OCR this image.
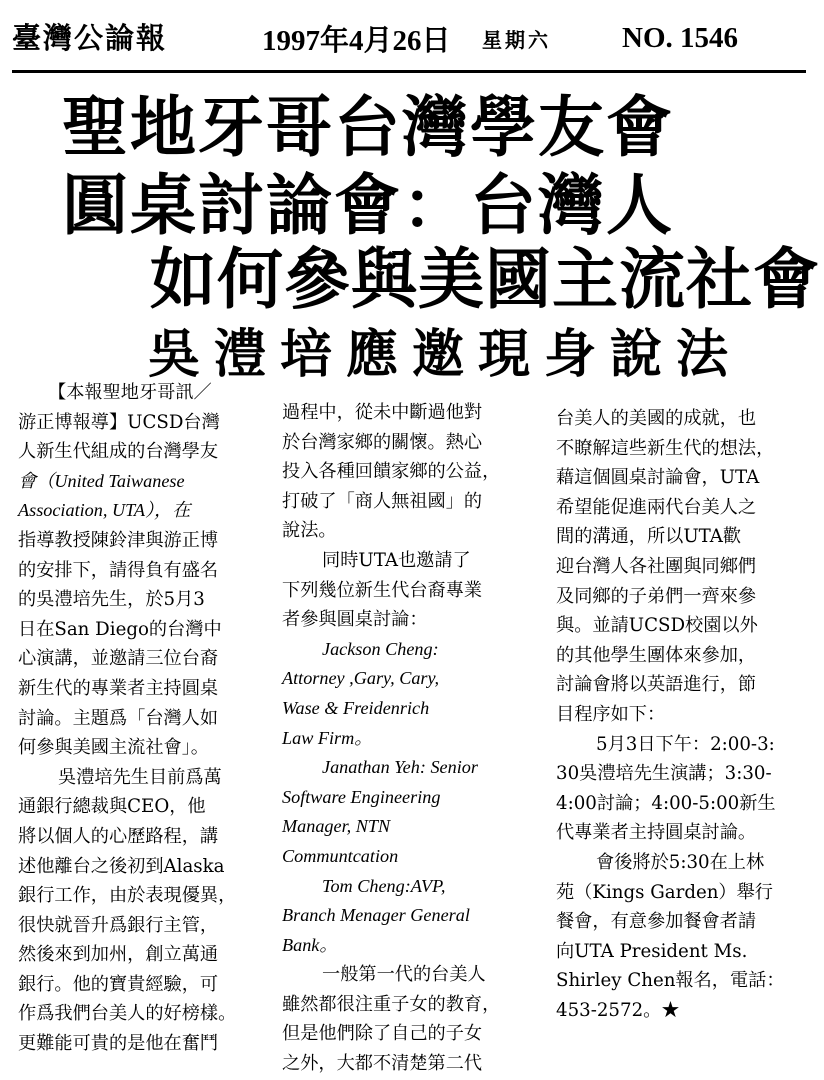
臺灣公論報	1997年4月26日 星期六 NO. 1546
聖地牙哥台灣學友會
圓桌討論會：台灣人
如何參與美國主流社會
吳澧培應邀現身說法

【本報聖地牙哥訊／

游正博報導】UCSD台灣

人新生代組成的台灣學友

會（United Taiwanese

Association, UTA），在

指導教授陳鈴津與游正博

的安排下，請得負有盛名

的吳澧培先生，於5月3

日在San Diego的台灣中

心演講，並邀請三位台裔

新生代的專業者主持圓桌

討論。主題爲「台灣人如

何參與美國主流社會」。

吳澧培先生目前爲萬

通銀行總裁與CEO，他

將以個人的心歷路程，講

述他離台之後初到Alaska

銀行工作，由於表現優異，

很快就晉升爲銀行主管，

然後來到加州，創立萬通

銀行。他的寶貴經驗，可

作爲我們台美人的好榜樣。

更難能可貴的是他在奮鬥

過程中，從未中斷過他對

於台灣家鄉的關懷。熱心

投入各種回饋家鄉的公益，

打破了「商人無祖國」的

說法。

同時UTA也邀請了

下列幾位新生代台裔專業

者參與圓桌討論：

Jackson Cheng:

Attorney ,Gary, Cary,

Wase & Freidenrich

Law Firm。

Janathan Yeh: Senior

Software Engineering

Manager, NTN

Communtcation

Tom Cheng:AVP,

Branch Menager General

Bank。

一般第一代的台美人

雖然都很注重子女的教育，

但是他們除了自己的子女

之外，大都不清楚第二代

台美人的美國的成就，也

不瞭解這些新生代的想法，

藉這個圓桌討論會，UTA

希望能促進兩代台美人之

間的溝通，所以UTA歡

迎台灣人各社團與同鄉們

及同鄉的子弟們一齊來參

與。並請UCSD校園以外

的其他學生團体來參加，

討論會將以英語進行，節

目程序如下：

5月3日下午：2:00-3:

30吳澧培先生演講；3:30-

4:00討論；4:00-5:00新生

代專業者主持圓桌討論。

會後將於5:30在上林

苑（Kings Garden）舉行

餐會，有意參加餐會者請

向UTA President Ms.

Shirley Chen報名，電話：

453-2572。★
